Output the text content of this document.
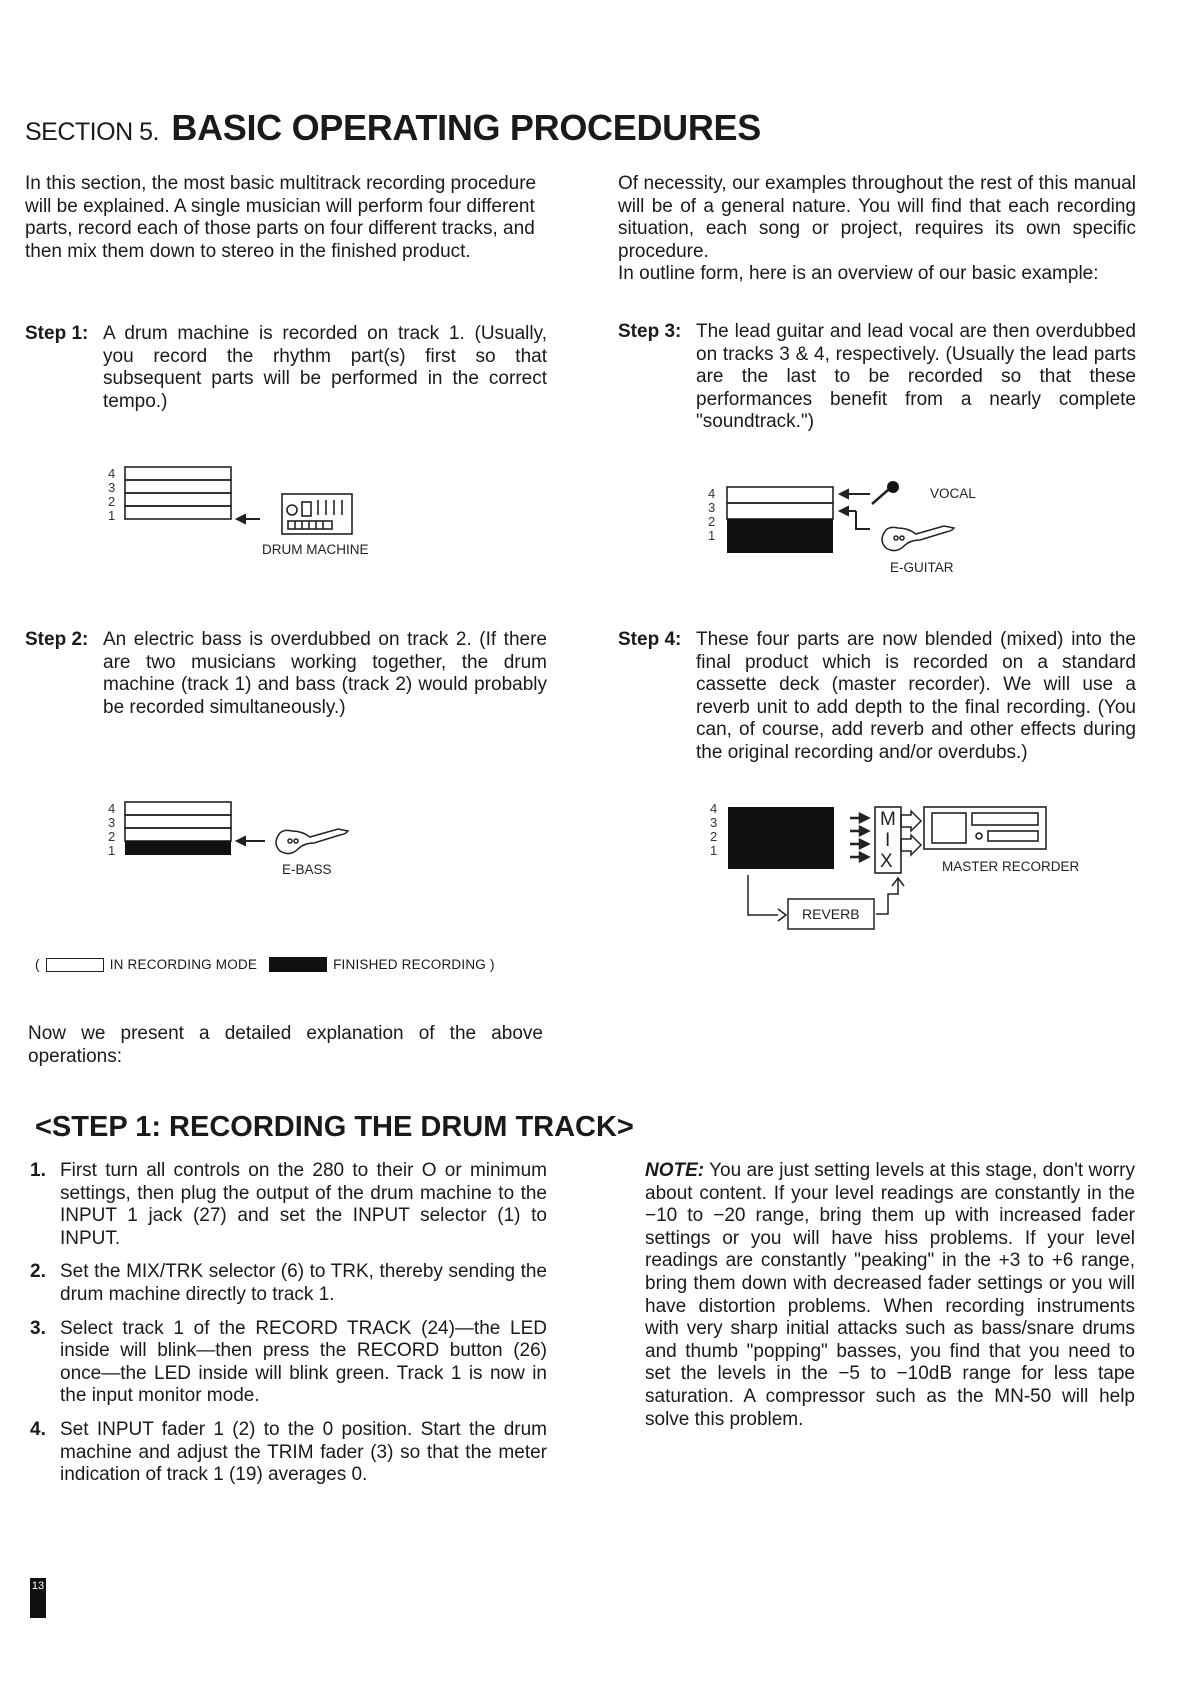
SECTION 5. BASIC OPERATING PROCEDURES
In this section, the most basic multitrack recording procedure will be explained. A single musician will perform four different parts, record each of those parts on four different tracks, and then mix them down to stereo in the finished product.
Of necessity, our examples throughout the rest of this manual will be of a general nature. You will find that each recording situation, each song or project, requires its own specific procedure.
In outline form, here is an overview of our basic example:
Step 1: A drum machine is recorded on track 1. (Usually, you record the rhythm part(s) first so that subsequent parts will be performed in the correct tempo.)
Step 3: The lead guitar and lead vocal are then overdubbed on tracks 3 & 4, respectively. (Usually the lead parts are the last to be recorded so that these performances benefit from a nearly complete "soundtrack.")
4
3
2
1
DRUM MACHINE
4
3
2
1
VOCAL
E-GUITAR
Step 2: An electric bass is overdubbed on track 2. (If there are two musicians working together, the drum machine (track 1) and bass (track 2) would probably be recorded simultaneously.)
Step 4: These four parts are now blended (mixed) into the final product which is recorded on a standard cassette deck (master recorder). We will use a reverb unit to add depth to the final recording. (You can, of course, add reverb and other effects during the original recording and/or overdubs.)
4
3
2
1
E-BASS
4
3
2
1
M
I
X	MASTER RECORDER
REVERB
(	IN RECORDING MODE	FINISHED RECORDING )
Now we present a detailed explanation of the above operations:
<STEP 1: RECORDING THE DRUM TRACK>
1. First turn all controls on the 280 to their O or minimum settings, then plug the output of the drum machine to the INPUT 1 jack (27) and set the INPUT selector (1) to INPUT.
2. Set the MIX/TRK selector (6) to TRK, thereby sending the drum machine directly to track 1.
3. Select track 1 of the RECORD TRACK (24)—the LED inside will blink—then press the RECORD button (26) once—the LED inside will blink green. Track 1 is now in the input monitor mode.
4. Set INPUT fader 1 (2) to the 0 position. Start the drum machine and adjust the TRIM fader (3) so that the meter indication of track 1 (19) averages 0.
NOTE: You are just setting levels at this stage, don't worry about content. If your level readings are constantly in the −10 to −20 range, bring them up with increased fader settings or you will have hiss problems. If your level readings are constantly "peaking" in the +3 to +6 range, bring them down with decreased fader settings or you will have distortion problems. When recording instruments with very sharp initial attacks such as bass/snare drums and thumb "popping" basses, you find that you need to set the levels in the −5 to −10dB range for less tape saturation. A compressor such as the MN-50 will help solve this problem.
13
